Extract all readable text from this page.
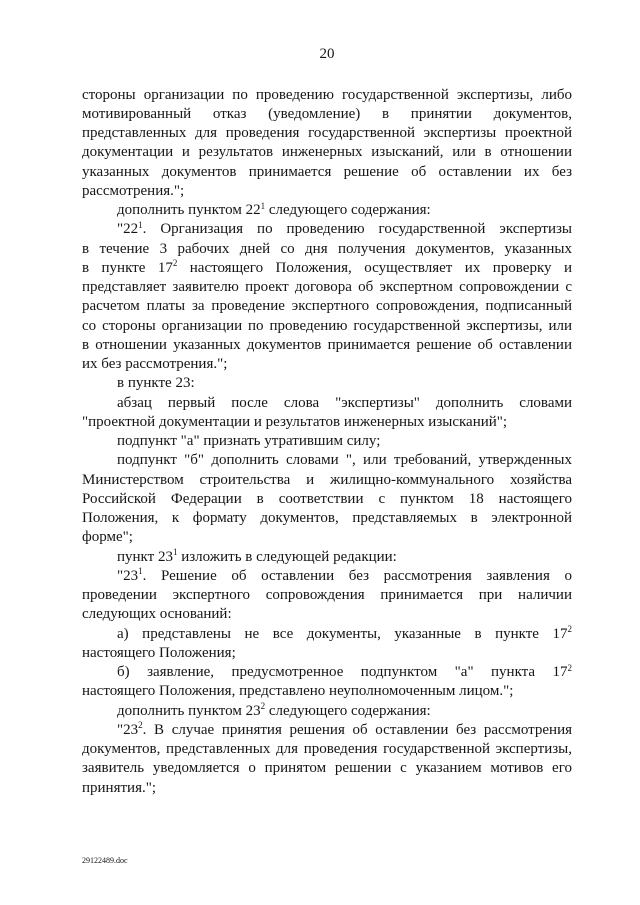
20
стороны организации по проведению государственной экспертизы, либо
мотивированный отказ (уведомление) в принятии документов,
представленных для проведения государственной экспертизы проектной
документации и результатов инженерных изысканий, или в отношении
указанных документов принимается решение об оставлении их без
рассмотрения.";
дополнить пунктом $22^1$ следующего содержания:
"$22^1$. Организация по проведению государственной экспертизы
в течение 3 рабочих дней со дня получения документов, указанных
в пункте $17^2$ настоящего Положения, осуществляет их проверку и
представляет заявителю проект договора об экспертном сопровождении с
расчетом платы за проведение экспертного сопровождения, подписанный
со стороны организации по проведению государственной экспертизы, или
в отношении указанных документов принимается решение об оставлении
их без рассмотрения.";
в пункте 23:
абзац первый после слова "экспертизы" дополнить словами
"проектной документации и результатов инженерных изысканий";
подпункт "а" признать утратившим силу;
подпункт "б" дополнить словами ", или требований, утвержденных
Министерством строительства и жилищно-коммунального хозяйства
Российской Федерации в соответствии с пунктом 18 настоящего
Положения, к формату документов, представляемых в электронной
форме";
пункт $23^1$ изложить в следующей редакции:
"$23^1$. Решение об оставлении без рассмотрения заявления о
проведении экспертного сопровождения принимается при наличии
следующих оснований:
а) представлены не все документы, указанные в пункте $17^2$
настоящего Положения;
б) заявление, предусмотренное подпунктом "а" пункта $17^2$
настоящего Положения, представлено неуполномоченным лицом.";
дополнить пунктом $23^2$ следующего содержания:
"$23^2$. В случае принятия решения об оставлении без рассмотрения
документов, представленных для проведения государственной экспертизы,
заявитель уведомляется о принятом решении с указанием мотивов его
принятия.";
29122489.doc
